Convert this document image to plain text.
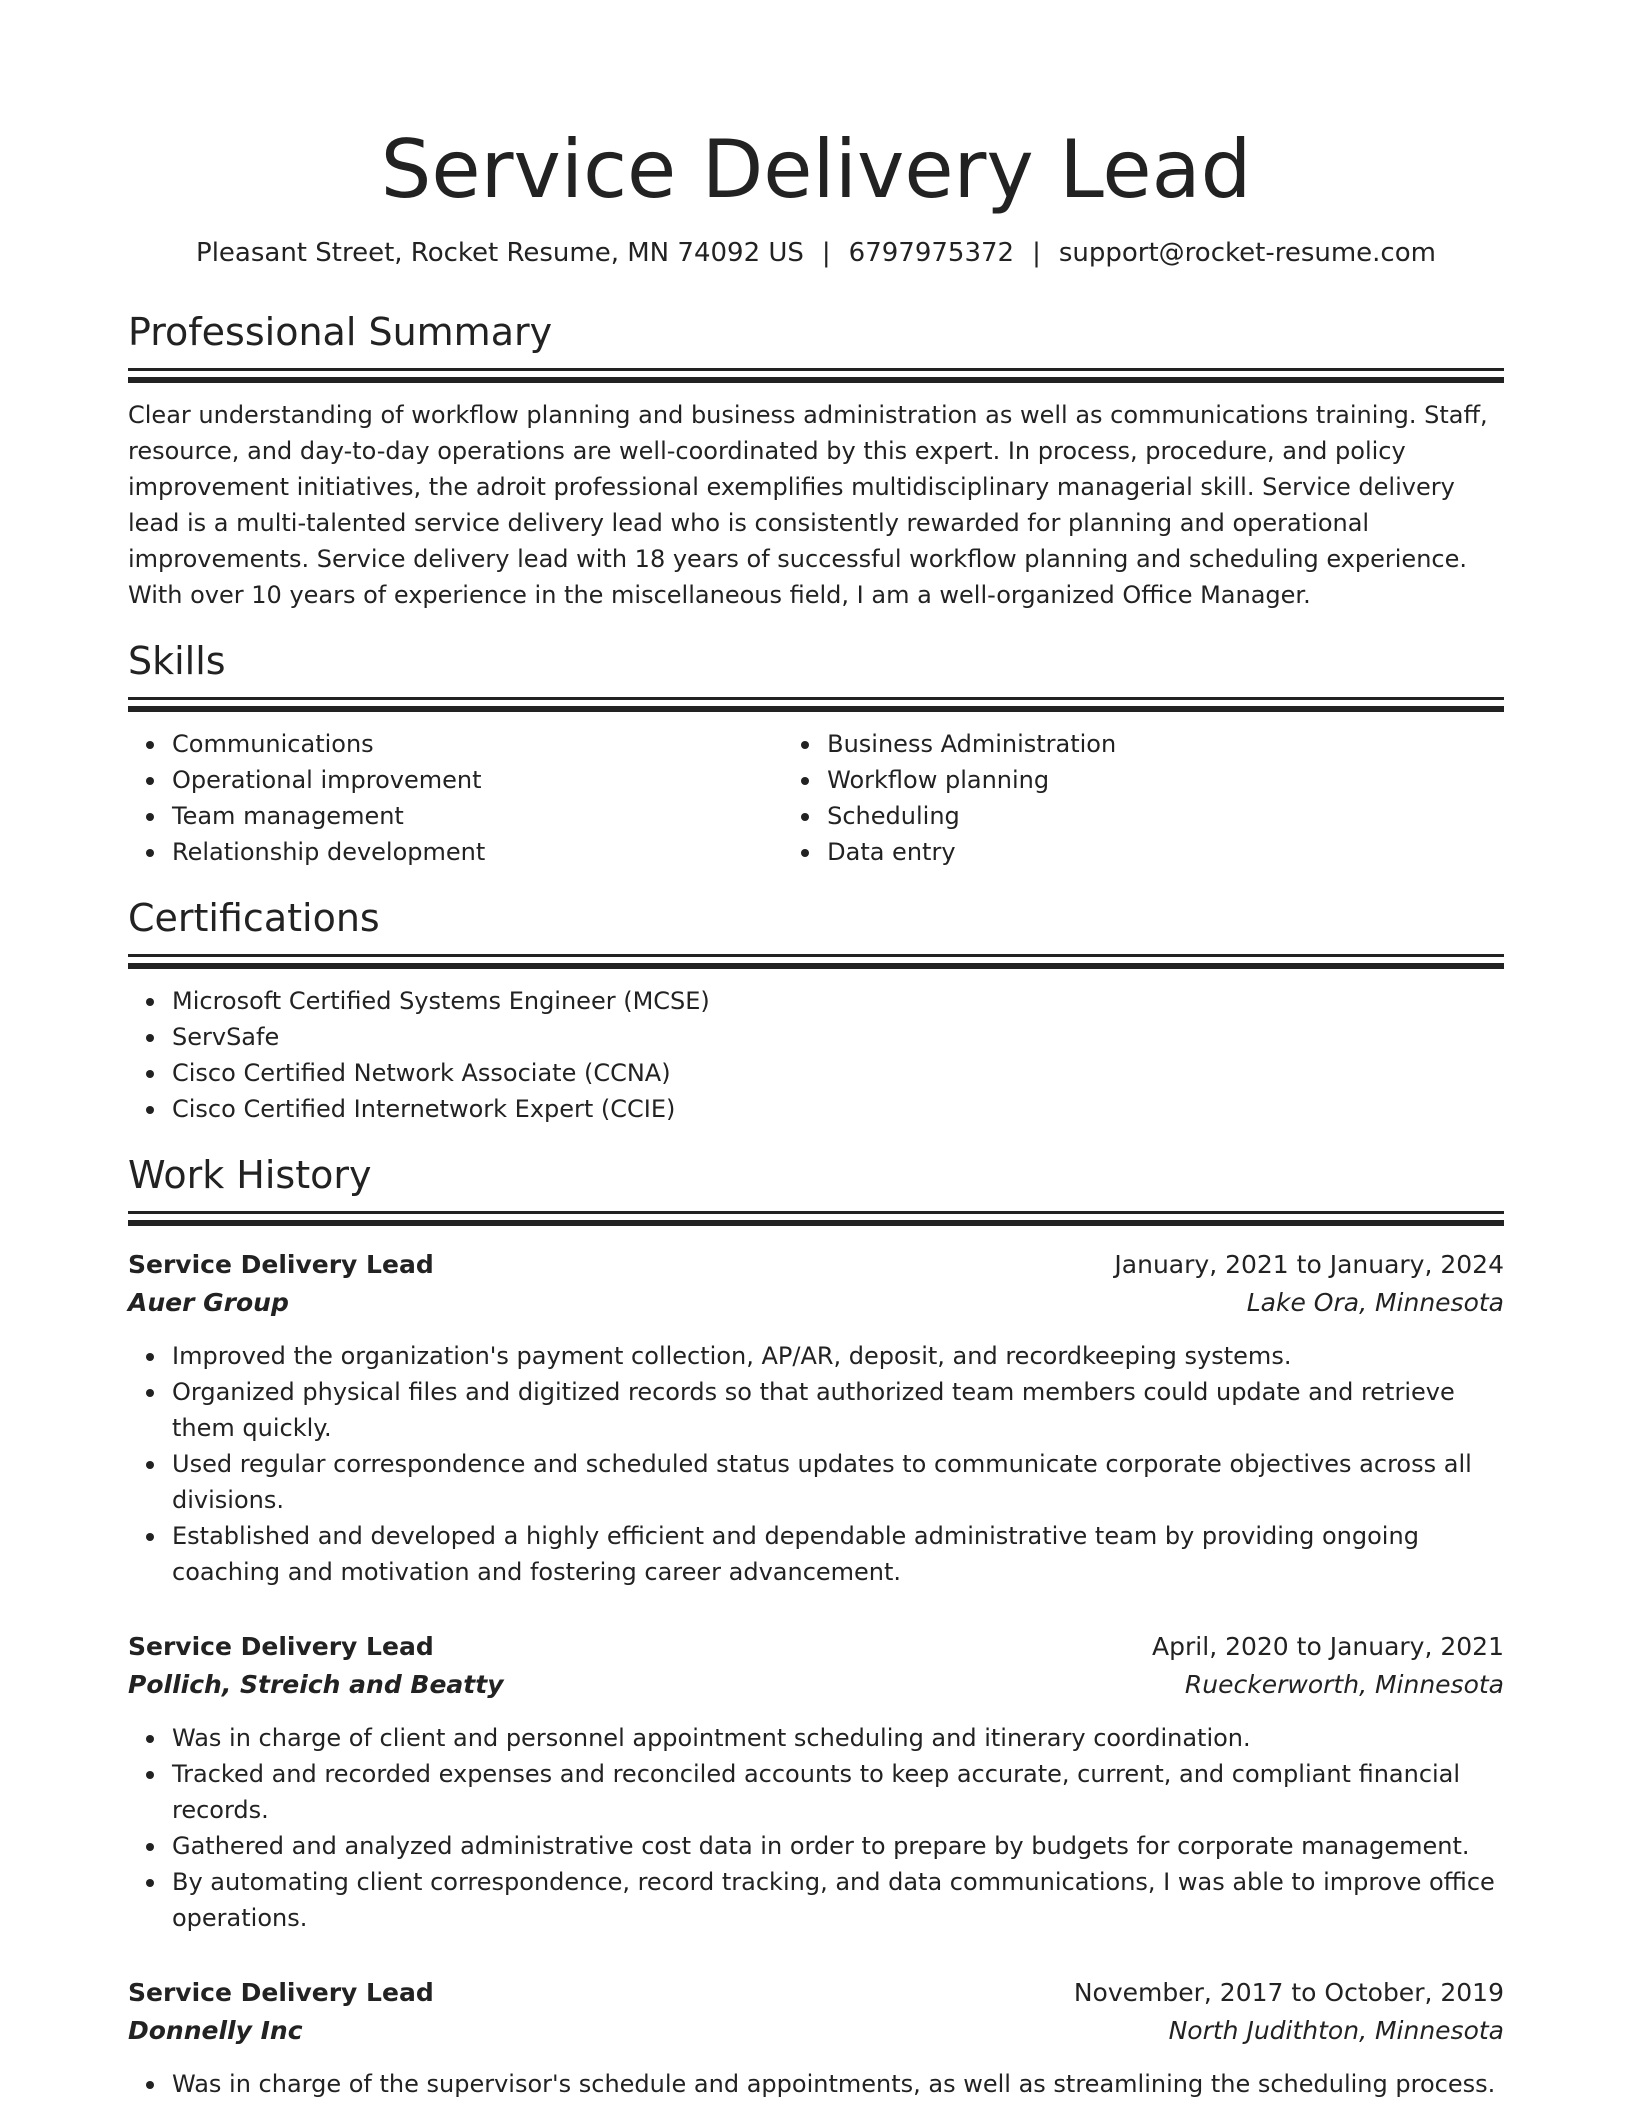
Service Delivery Lead
Pleasant Street, Rocket Resume, MN 74092 US | 6797975372 | support@rocket-resume.com
Professional Summary
Clear understanding of workflow planning and business administration as well as communications training. Staff, resource, and day-to-day operations are well-coordinated by this expert. In process, procedure, and policy improvement initiatives, the adroit professional exemplifies multidisciplinary managerial skill. Service delivery lead is a multi-talented service delivery lead who is consistently rewarded for planning and operational improvements. Service delivery lead with 18 years of successful workflow planning and scheduling experience. With over 10 years of experience in the miscellaneous field, I am a well-organized Office Manager.
Skills
Communications
Operational improvement
Team management
Relationship development
Business Administration
Workflow planning
Scheduling
Data entry
Certifications
Microsoft Certified Systems Engineer (MCSE)
ServSafe
Cisco Certified Network Associate (CCNA)
Cisco Certified Internetwork Expert (CCIE)
Work History
Service Delivery Lead	January, 2021 to January, 2024
Auer Group	Lake Ora, Minnesota
Improved the organization's payment collection, AP/AR, deposit, and recordkeeping systems.
Organized physical files and digitized records so that authorized team members could update and retrieve them quickly.
Used regular correspondence and scheduled status updates to communicate corporate objectives across all divisions.
Established and developed a highly efficient and dependable administrative team by providing ongoing coaching and motivation and fostering career advancement.
Service Delivery Lead	April, 2020 to January, 2021
Pollich, Streich and Beatty	Rueckerworth, Minnesota
Was in charge of client and personnel appointment scheduling and itinerary coordination.
Tracked and recorded expenses and reconciled accounts to keep accurate, current, and compliant financial records.
Gathered and analyzed administrative cost data in order to prepare by budgets for corporate management.
By automating client correspondence, record tracking, and data communications, I was able to improve office operations.
Service Delivery Lead	November, 2017 to October, 2019
Donnelly Inc	North Judithton, Minnesota
Was in charge of the supervisor's schedule and appointments, as well as streamlining the scheduling process.
